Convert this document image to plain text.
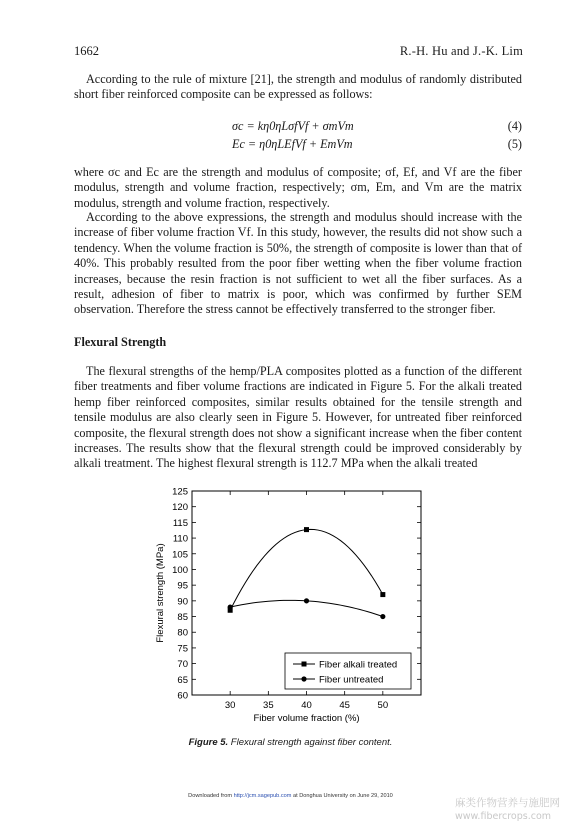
1662	R.-H. Hu and J.-K. Lim

According to the rule of mixture [21], the strength and modulus of randomly distributed short fiber reinforced composite can be expressed as follows:

σc = kη0ηLσfVf + σmVm	(4)
Ec = η0ηLEfVf + EmVm	(5)

where σc and Ec are the strength and modulus of composite; σf, Ef, and Vf are the fiber modulus, strength and volume fraction, respectively; σm, Em, and Vm are the matrix modulus, strength and volume fraction, respectively.

According to the above expressions, the strength and modulus should increase with the increase of fiber volume fraction Vf. In this study, however, the results did not show such a tendency. When the volume fraction is 50%, the strength of composite is lower than that of 40%. This probably resulted from the poor fiber wetting when the fiber volume fraction increases, because the resin fraction is not sufficient to wet all the fiber surfaces. As a result, adhesion of fiber to matrix is poor, which was confirmed by further SEM observation. Therefore the stress cannot be effectively transferred to the stronger fiber.

Flexural Strength

The flexural strengths of the hemp/PLA composites plotted as a function of the different fiber treatments and fiber volume fractions are indicated in Figure 5. For the alkali treated hemp fiber reinforced composites, similar results obtained for the tensile strength and tensile modulus are also clearly seen in Figure 5. However, for untreated fiber reinforced composite, the flexural strength does not show a significant increase when the fiber content increases. The results show that the flexural strength could be improved considerably by alkali treatment. The highest flexural strength is 112.7 MPa when the alkali treated

60
65
70
75
80
85
90
95
100
105
110
115
120
125
30	35	40	45	50
Fiber volume fraction (%)
Flexural strength (MPa)
Fiber alkali treated
Fiber untreated
Figure 5. Flexural strength against fiber content.
Downloaded from http://jcm.sagepub.com at Donghua University on June 29, 2010
麻类作物营养与施肥网
www.fibercrops.com
